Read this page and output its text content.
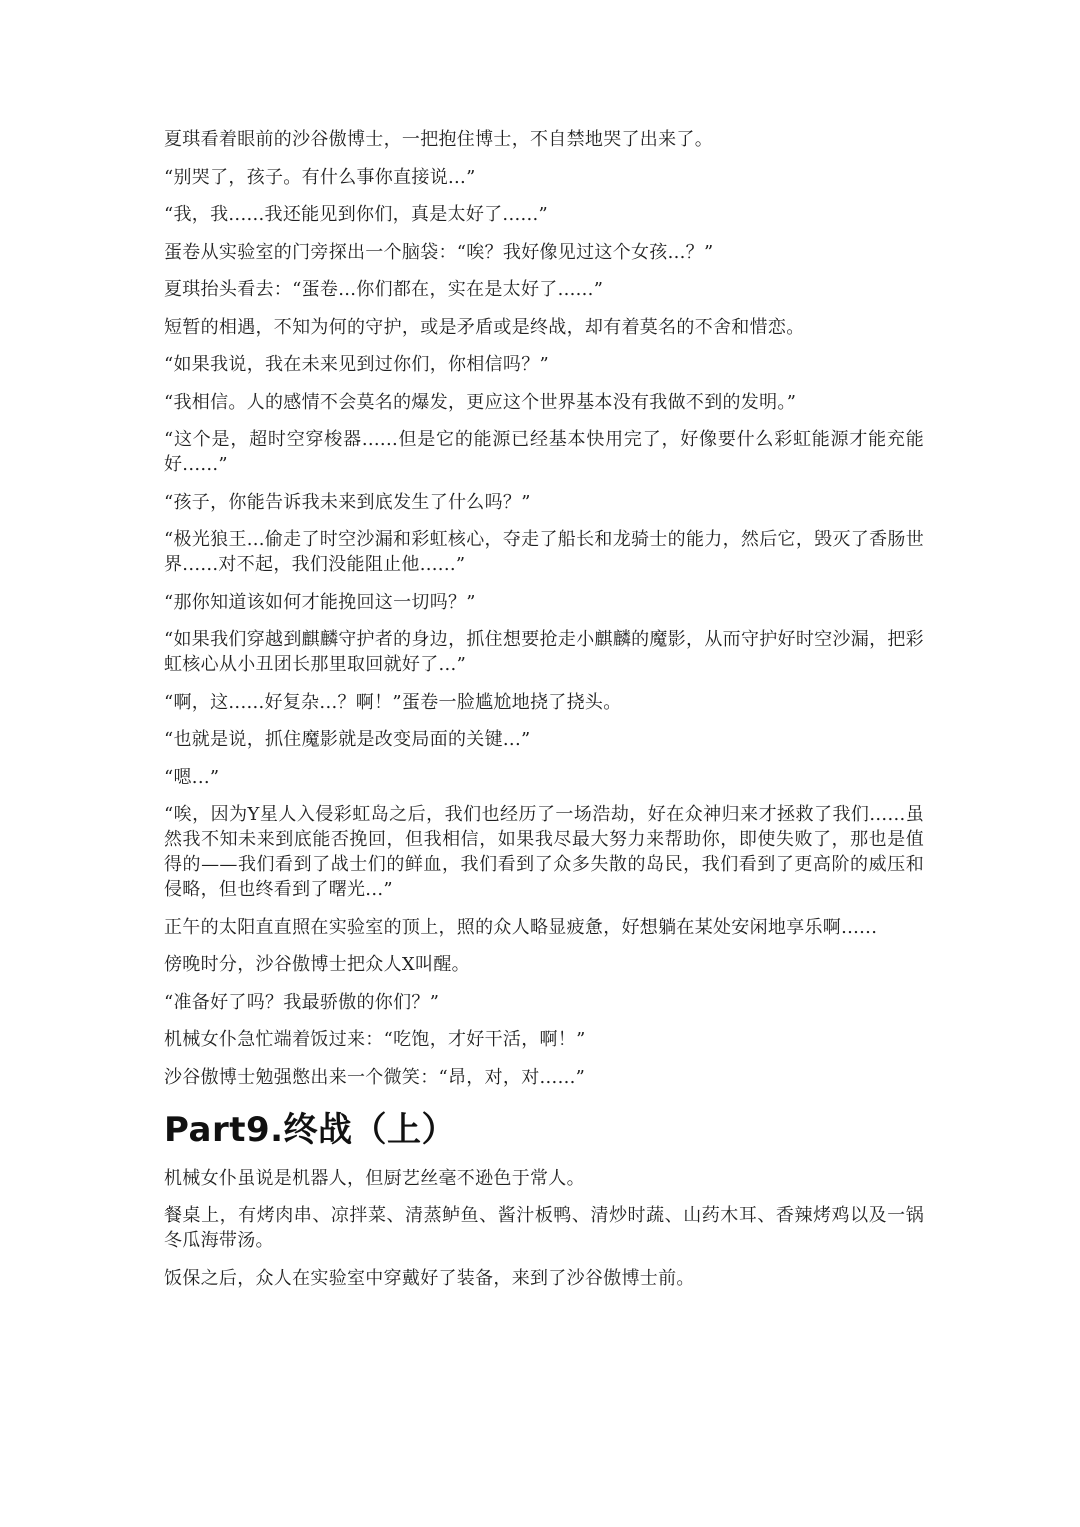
夏琪看着眼前的沙谷傲博士，一把抱住博士，不自禁地哭了出来了。

“别哭了，孩子。有什么事你直接说...”

“我，我......我还能见到你们，真是太好了......”

蛋卷从实验室的门旁探出一个脑袋：“唉？我好像见过这个女孩...？”

夏琪抬头看去：“蛋卷...你们都在，实在是太好了......”

短暂的相遇，不知为何的守护，或是矛盾或是终战，却有着莫名的不舍和惜恋。

“如果我说，我在未来见到过你们，你相信吗？”

“我相信。人的感情不会莫名的爆发，更应这个世界基本没有我做不到的发明。”

“这个是，超时空穿梭器......但是它的能源已经基本快用完了，好像要什么彩虹能源才能充能好......”

“孩子，你能告诉我未来到底发生了什么吗？”

“极光狼王...偷走了时空沙漏和彩虹核心，夺走了船长和龙骑士的能力，然后它，毁灭了香肠世界......对不起，我们没能阻止他......”

“那你知道该如何才能挽回这一切吗？”

“如果我们穿越到麒麟守护者的身边，抓住想要抢走小麒麟的魔影，从而守护好时空沙漏，把彩虹核心从小丑团长那里取回就好了...”

“啊，这......好复杂...？啊！”蛋卷一脸尴尬地挠了挠头。

“也就是说，抓住魔影就是改变局面的关键...”

“嗯...”

“唉，因为Y星人入侵彩虹岛之后，我们也经历了一场浩劫，好在众神归来才拯救了我们......虽然我不知未来到底能否挽回，但我相信，如果我尽最大努力来帮助你，即使失败了，那也是值得的——我们看到了战士们的鲜血，我们看到了众多失散的岛民，我们看到了更高阶的威压和侵略，但也终看到了曙光...”

正午的太阳直直照在实验室的顶上，照的众人略显疲惫，好想躺在某处安闲地享乐啊......

傍晚时分，沙谷傲博士把众人X叫醒。

“准备好了吗？我最骄傲的你们？”

机械女仆急忙端着饭过来：“吃饱，才好干活，啊！”

沙谷傲博士勉强憋出来一个微笑：“昂，对，对......”

Part9.终战（上）

机械女仆虽说是机器人，但厨艺丝毫不逊色于常人。

餐桌上，有烤肉串、凉拌菜、清蒸鲈鱼、酱汁板鸭、清炒时蔬、山药木耳、香辣烤鸡以及一锅冬瓜海带汤。

饭保之后，众人在实验室中穿戴好了装备，来到了沙谷傲博士前。
